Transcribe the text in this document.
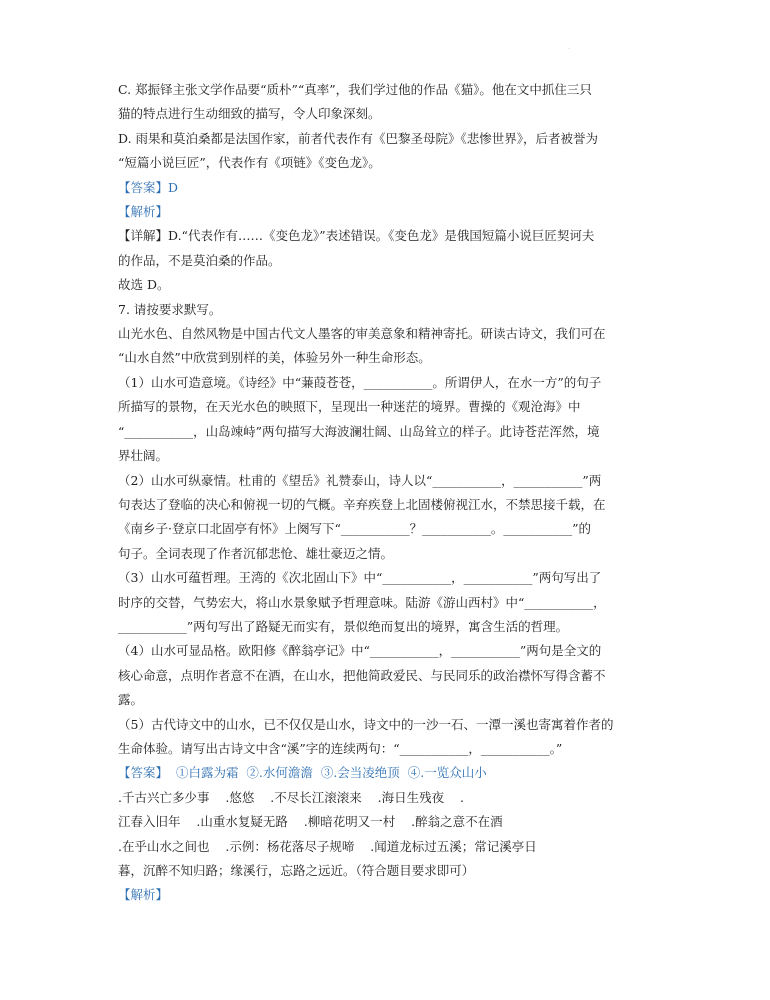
·
C. 郑振铎主张文学作品要“质朴”“真率”，我们学过他的作品《猫》。他在文中抓住三只
猫的特点进行生动细致的描写，令人印象深刻。
D. 雨果和莫泊桑都是法国作家，前者代表作有《巴黎圣母院》《悲惨世界》，后者被誉为
“短篇小说巨匠”，代表作有《项链》《变色龙》。
【答案】D
【解析】
【详解】D.“代表作有……《变色龙》”表述错误。《变色龙》是俄国短篇小说巨匠契诃夫
的作品，不是莫泊桑的作品。
故选 D。
7. 请按要求默写。
山光水色、自然风物是中国古代文人墨客的审美意象和精神寄托。研读古诗文，我们可在
“山水自然”中欣赏到别样的美，体验另外一种生命形态。
（1）山水可造意境。《诗经》中“蒹葭苍苍，___________。所谓伊人，在水一方”的句子
所描写的景物，在天光水色的映照下，呈现出一种迷茫的境界。曹操的《观沧海》中
“___________，山岛竦峙”两句描写大海波澜壮阔、山岛耸立的样子。此诗苍茫浑然，境
界壮阔。
（2）山水可纵豪情。杜甫的《望岳》礼赞泰山，诗人以“___________，___________”两
句表达了登临的决心和俯视一切的气概。辛弃疾登上北固楼俯视江水，不禁思接千载，在
《南乡子·登京口北固亭有怀》上阕写下“___________？___________。___________”的
句子。全词表现了作者沉郁悲怆、雄壮豪迈之情。
（3）山水可蕴哲理。王湾的《次北固山下》中“___________，___________”两句写出了
时序的交替，气势宏大，将山水景象赋予哲理意味。陆游《游山西村》中“___________，
___________”两句写出了路疑无而实有，景似绝而复出的境界，寓含生活的哲理。
（4）山水可显品格。欧阳修《醉翁亭记》中“___________，___________”两句是全文的
核心命意，点明作者意不在酒，在山水，把他简政爱民、与民同乐的政治襟怀写得含蓄不
露。
（5）古代诗文中的山水，已不仅仅是山水，诗文中的一沙一石、一潭一溪也寄寓着作者的
生命体验。请写出古诗文中含“溪”字的连续两句：“___________，___________。”
【答案】  ①白露为霜  ②.水何澹澹  ③.会当凌绝顶  ④.一览众山小
.千古兴亡多少事    .悠悠    .不尽长江滚滚来    .海日生残夜    .
江春入旧年    .山重水复疑无路    .柳暗花明又一村    .醉翁之意不在酒
.在乎山水之间也    .示例：杨花落尽子规啼    .闻道龙标过五溪；常记溪亭日
暮，沉醉不知归路；缘溪行，忘路之远近。（符合题目要求即可）
【解析】
